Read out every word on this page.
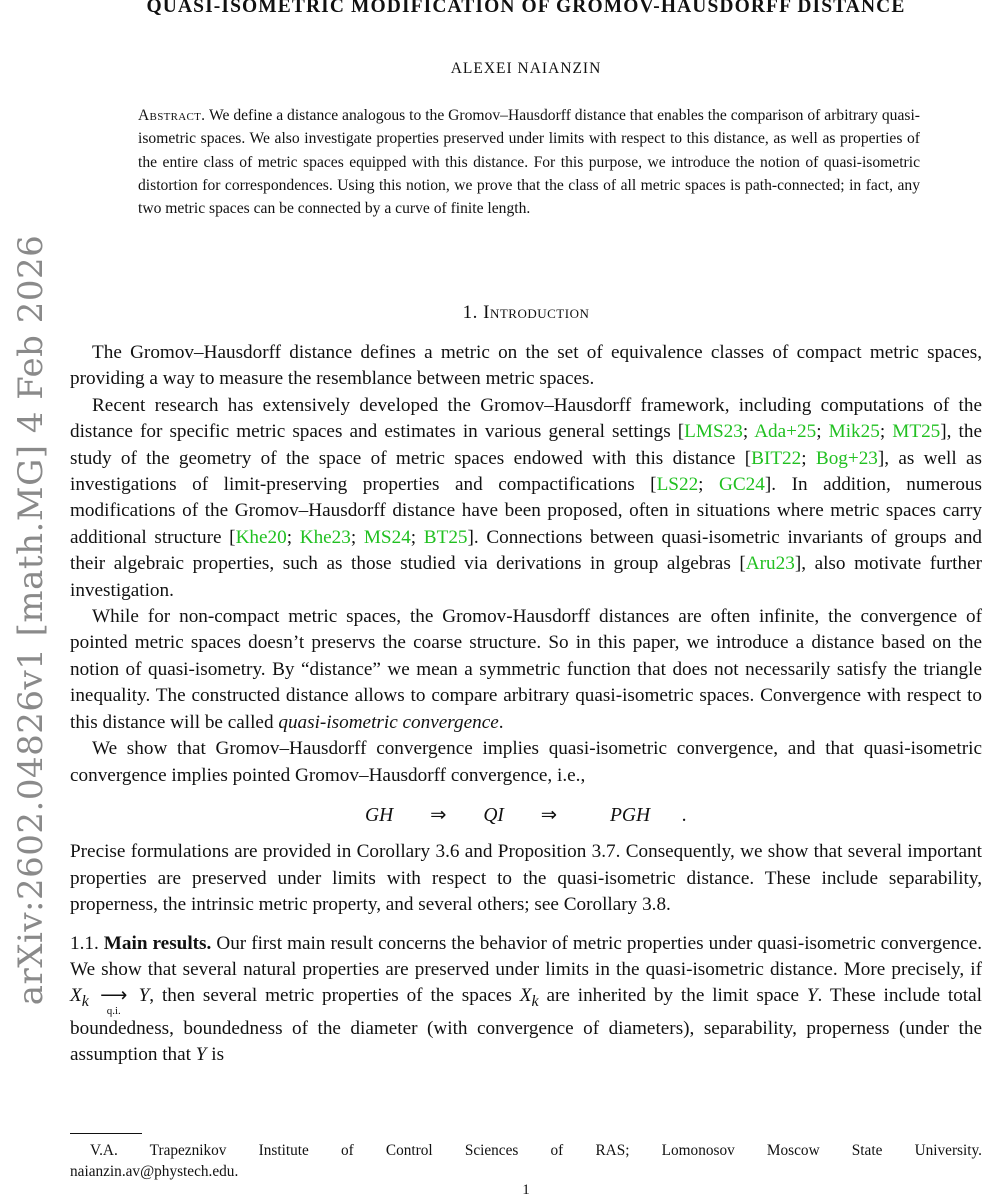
arXiv:2602.04826v1 [math.MG] 4 Feb 2026
QUASI-ISOMETRIC MODIFICATION OF GROMOV-HAUSDORFF DISTANCE
ALEXEI NAIANZIN
Abstract. We define a distance analogous to the Gromov–Hausdorff distance that enables the comparison of arbitrary quasi-isometric spaces. We also investigate properties preserved under limits with respect to this distance, as well as properties of the entire class of metric spaces equipped with this distance. For this purpose, we introduce the notion of quasi-isometric distortion for correspondences. Using this notion, we prove that the class of all metric spaces is path-connected; in fact, any two metric spaces can be connected by a curve of finite length.
1. Introduction

The Gromov–Hausdorff distance defines a metric on the set of equivalence classes of compact metric spaces, providing a way to measure the resemblance between metric spaces.

Recent research has extensively developed the Gromov–Hausdorff framework, including computations of the distance for specific metric spaces and estimates in various general settings [LMS23; Ada+25; Mik25; MT25], the study of the geometry of the space of metric spaces endowed with this distance [BIT22; Bog+23], as well as investigations of limit-preserving properties and compactifications [LS22; GC24]. In addition, numerous modifications of the Gromov–Hausdorff distance have been proposed, often in situations where metric spaces carry additional structure [Khe20; Khe23; MS24; BT25]. Connections between quasi-isometric invariants of groups and their algebraic properties, such as those studied via derivations in group algebras [Aru23], also motivate further investigation.

While for non-compact metric spaces, the Gromov-Hausdorff distances are often infinite, the convergence of pointed metric spaces doesn’t preservs the coarse structure. So in this paper, we introduce a distance based on the notion of quasi-isometry. By “distance” we mean a symmetric function that does not necessarily satisfy the triangle inequality. The constructed distance allows to compare arbitrary quasi-isometric spaces. Convergence with respect to this distance will be called quasi-isometric convergence.

We show that Gromov–Hausdorff convergence implies quasi-isometric convergence, and that quasi-isometric convergence implies pointed Gromov–Hausdorff convergence, i.e.,

GH ⇒ QI ⇒	PGH .

Precise formulations are provided in Corollary 3.6 and Proposition 3.7. Consequently, we show that several important properties are preserved under limits with respect to the quasi-isometric distance. These include separability, properness, the intrinsic metric property, and several others; see Corollary 3.8.

1.1. Main results. Our first main result concerns the behavior of metric properties under quasi-isometric convergence. We show that several natural properties are preserved under limits in the quasi-isometric distance. More precisely, if $X_k$ ⟶
q.i.
Y, then several metric properties of the spaces $X_k$ are inherited by the limit space Y. These include total boundedness, boundedness of the diameter (with convergence of diameters), separability, properness (under the assumption that Y is

V.A. Trapeznikov Institute of Control Sciences of RAS; Lomonosov Moscow State University.
naianzin.av@phystech.edu.
1
